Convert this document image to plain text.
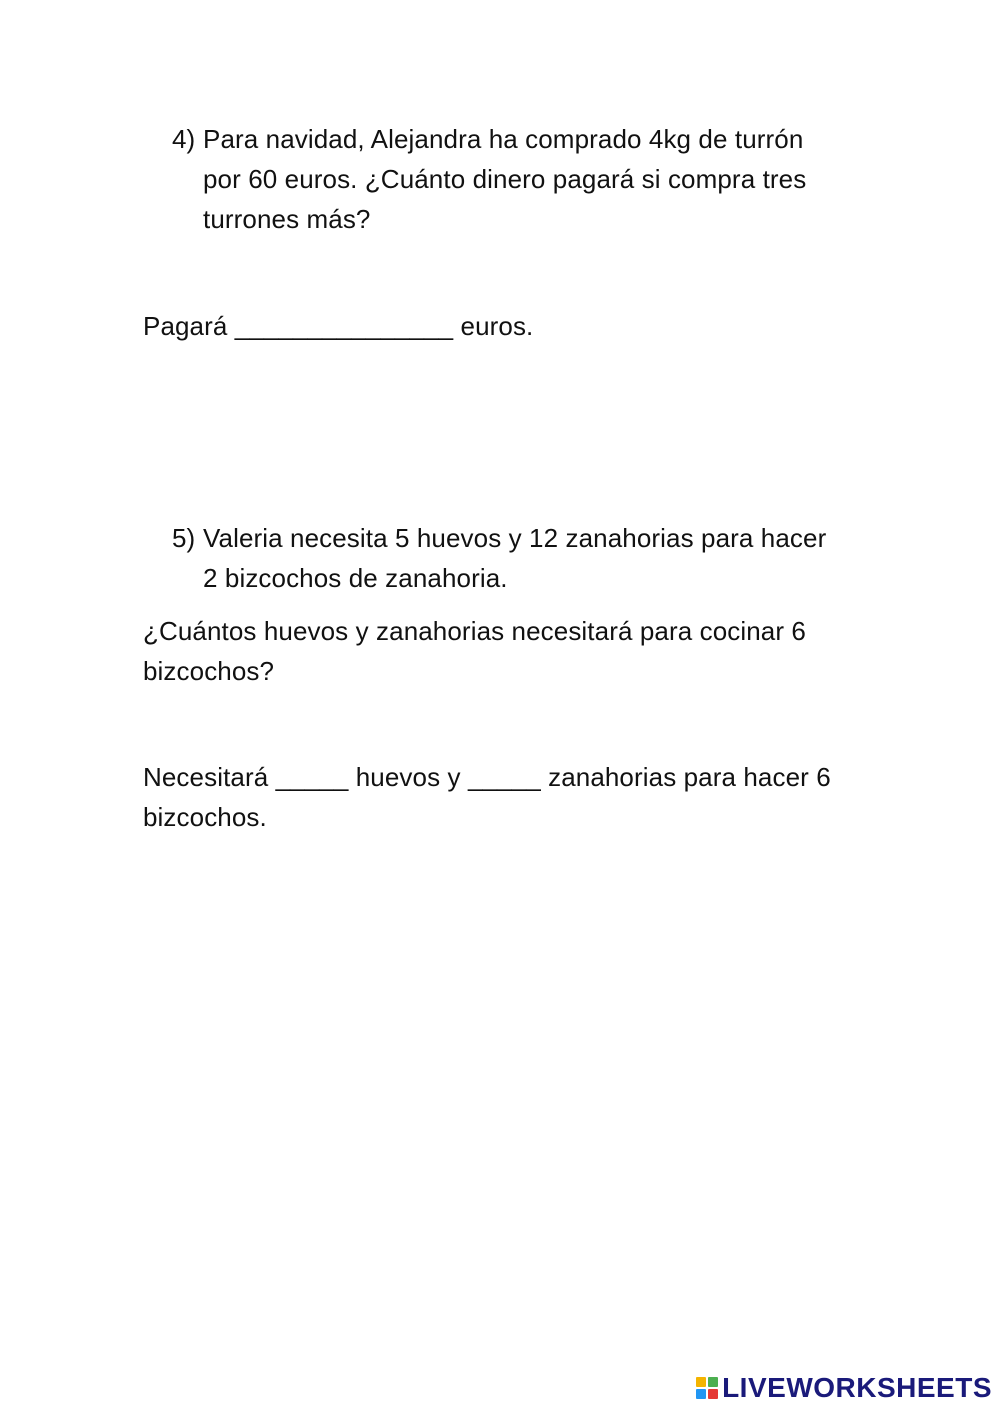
4) Para navidad, Alejandra ha comprado 4kg de turrón
por 60 euros. ¿Cuánto dinero pagará si compra tres
turrones más?
Pagará _______________ euros.
5) Valeria necesita 5 huevos y 12 zanahorias para hacer
2 bizcochos de zanahoria.
¿Cuántos huevos y zanahorias necesitará para cocinar 6
bizcochos?
Necesitará _____ huevos y _____ zanahorias para hacer 6
bizcochos.
LIVEWORKSHEETS
